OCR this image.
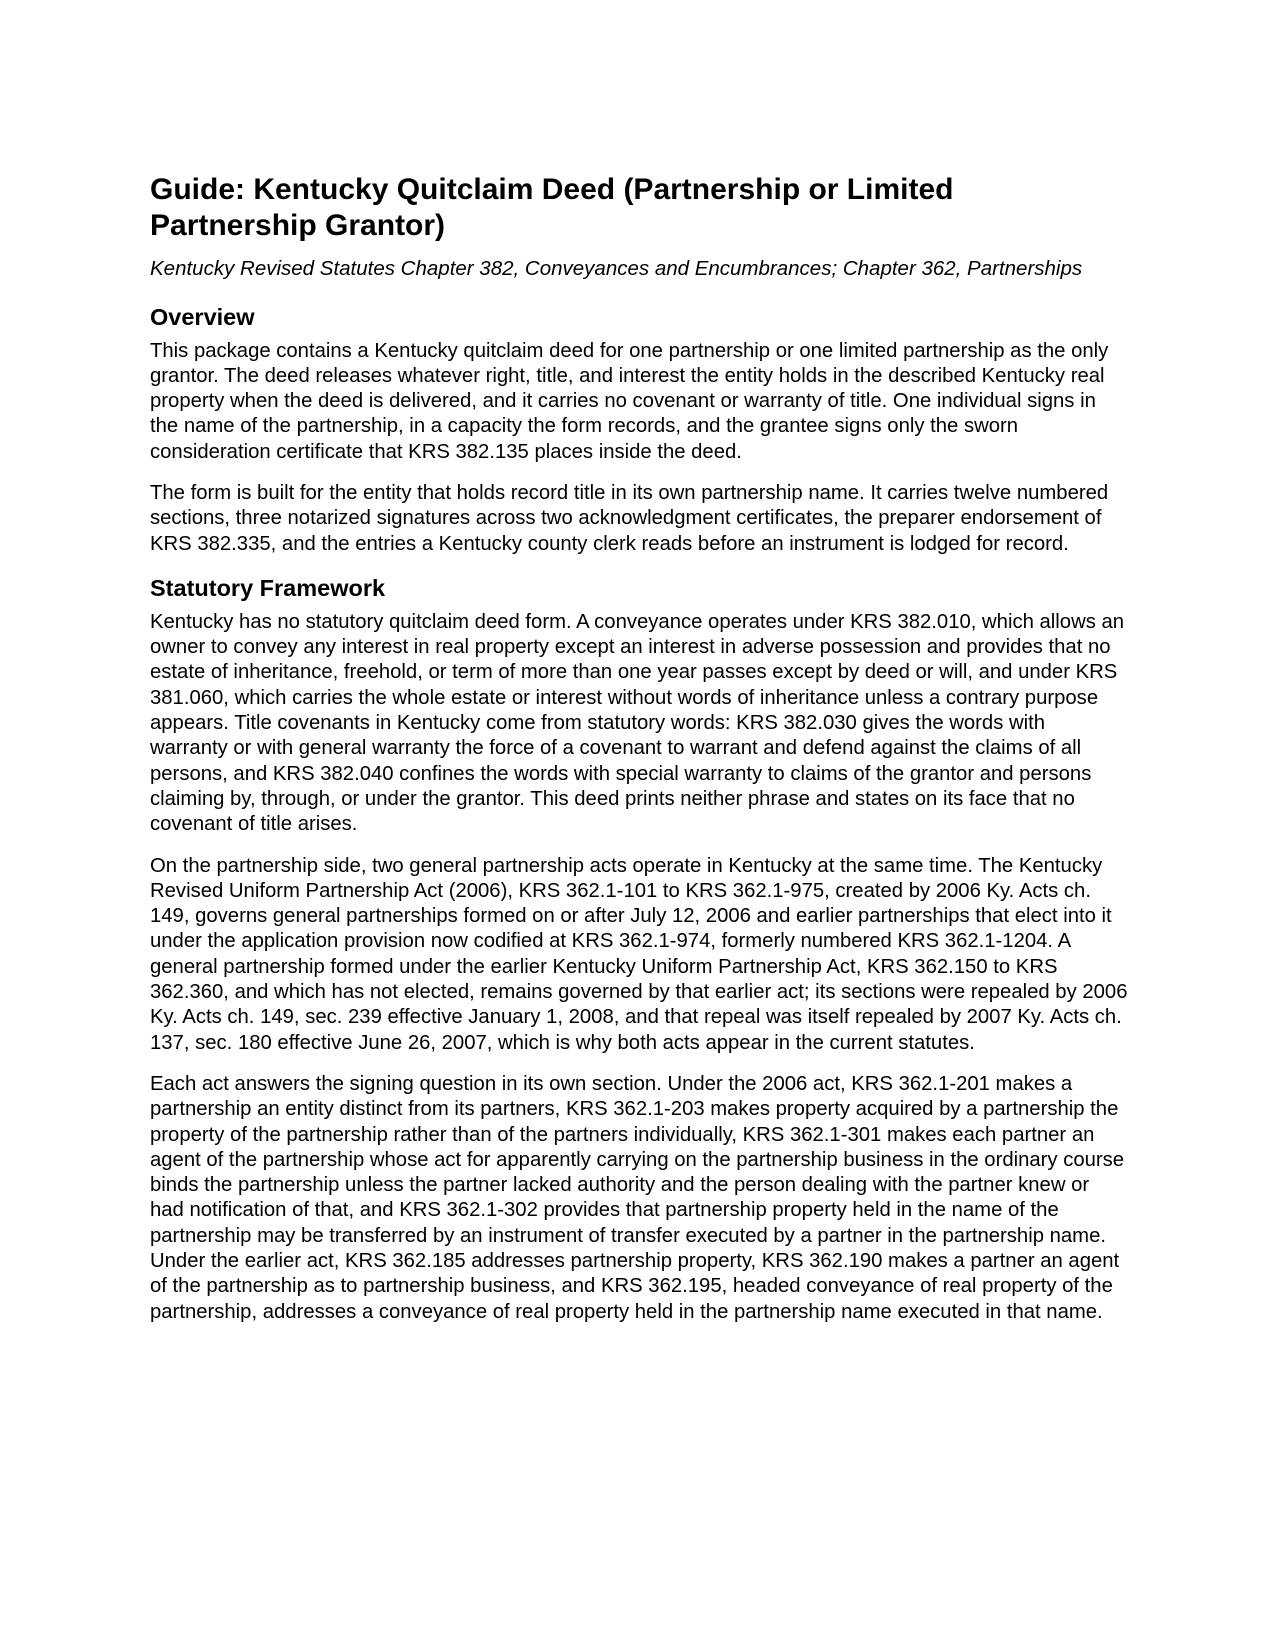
Guide: Kentucky Quitclaim Deed (Partnership or Limited Partnership Grantor)

Kentucky Revised Statutes Chapter 382, Conveyances and Encumbrances; Chapter 362, Partnerships

Overview

This package contains a Kentucky quitclaim deed for one partnership or one limited partnership as the only grantor. The deed releases whatever right, title, and interest the entity holds in the described Kentucky real property when the deed is delivered, and it carries no covenant or warranty of title. One individual signs in the name of the partnership, in a capacity the form records, and the grantee signs only the sworn consideration certificate that KRS 382.135 places inside the deed.

The form is built for the entity that holds record title in its own partnership name. It carries twelve numbered sections, three notarized signatures across two acknowledgment certificates, the preparer endorsement of KRS 382.335, and the entries a Kentucky county clerk reads before an instrument is lodged for record.

Statutory Framework

Kentucky has no statutory quitclaim deed form. A conveyance operates under KRS 382.010, which allows an owner to convey any interest in real property except an interest in adverse possession and provides that no estate of inheritance, freehold, or term of more than one year passes except by deed or will, and under KRS 381.060, which carries the whole estate or interest without words of inheritance unless a contrary purpose appears. Title covenants in Kentucky come from statutory words: KRS 382.030 gives the words with warranty or with general warranty the force of a covenant to warrant and defend against the claims of all persons, and KRS 382.040 confines the words with special warranty to claims of the grantor and persons claiming by, through, or under the grantor. This deed prints neither phrase and states on its face that no covenant of title arises.

On the partnership side, two general partnership acts operate in Kentucky at the same time. The Kentucky Revised Uniform Partnership Act (2006), KRS 362.1-101 to KRS 362.1-975, created by 2006 Ky. Acts ch. 149, governs general partnerships formed on or after July 12, 2006 and earlier partnerships that elect into it under the application provision now codified at KRS 362.1-974, formerly numbered KRS 362.1-1204. A general partnership formed under the earlier Kentucky Uniform Partnership Act, KRS 362.150 to KRS 362.360, and which has not elected, remains governed by that earlier act; its sections were repealed by 2006 Ky. Acts ch. 149, sec. 239 effective January 1, 2008, and that repeal was itself repealed by 2007 Ky. Acts ch. 137, sec. 180 effective June 26, 2007, which is why both acts appear in the current statutes.

Each act answers the signing question in its own section. Under the 2006 act, KRS 362.1-201 makes a partnership an entity distinct from its partners, KRS 362.1-203 makes property acquired by a partnership the property of the partnership rather than of the partners individually, KRS 362.1-301 makes each partner an agent of the partnership whose act for apparently carrying on the partnership business in the ordinary course binds the partnership unless the partner lacked authority and the person dealing with the partner knew or had notification of that, and KRS 362.1-302 provides that partnership property held in the name of the partnership may be transferred by an instrument of transfer executed by a partner in the partnership name. Under the earlier act, KRS 362.185 addresses partnership property, KRS 362.190 makes a partner an agent of the partnership as to partnership business, and KRS 362.195, headed conveyance of real property of the partnership, addresses a conveyance of real property held in the partnership name executed in that name.
